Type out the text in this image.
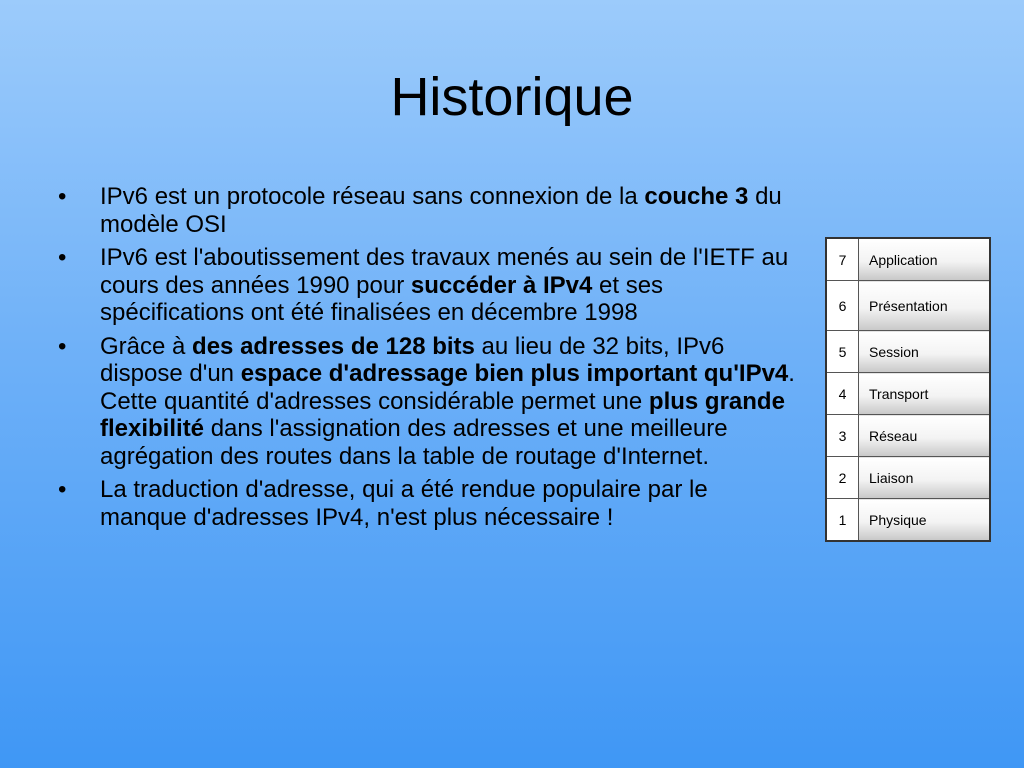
Historique
• IPv6 est un protocole réseau sans connexion de la couche 3 du modèle OSI
• IPv6 est l'aboutissement des travaux menés au sein de l'IETF au cours des années 1990 pour succéder à IPv4 et ses spécifications ont été finalisées en décembre 1998
• Grâce à des adresses de 128 bits au lieu de 32 bits, IPv6 dispose d'un espace d'adressage bien plus important qu'IPv4. Cette quantité d'adresses considérable permet une plus grande flexibilité dans l'assignation des adresses et une meilleure agrégation des routes dans la table de routage d'Internet.
• La traduction d'adresse, qui a été rendue populaire par le manque d'adresses IPv4, n'est plus nécessaire !
7	Application
6	Présentation
5	Session
4	Transport
3	Réseau
2	Liaison
1	Physique
